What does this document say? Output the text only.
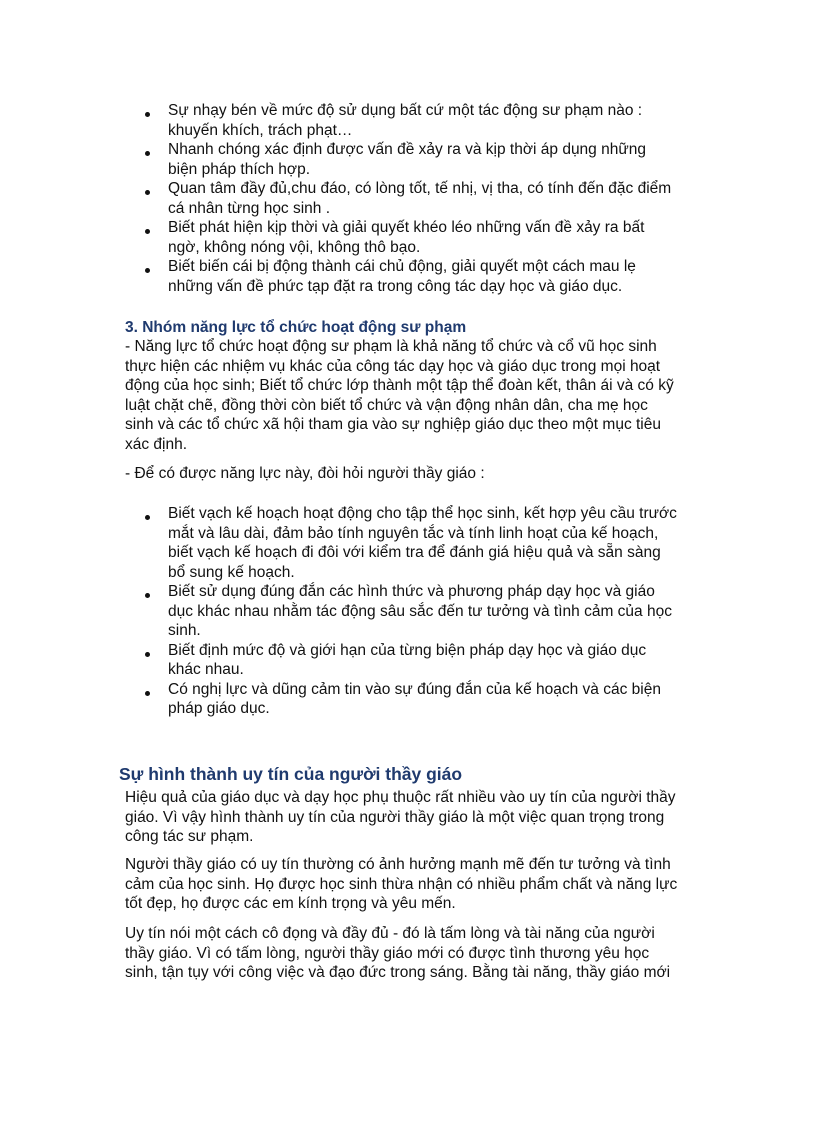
Sự nhạy bén về mức độ sử dụng bất cứ một tác động sư phạm nào :
khuyến khích, trách phạt…
Nhanh chóng xác định được vấn đề xảy ra và kịp thời áp dụng những
biện pháp thích hợp.
Quan tâm đầy đủ,chu đáo, có lòng tốt, tế nhị, vị tha, có tính đến đặc điểm
cá nhân từng học sinh .
Biết phát hiện kịp thời và giải quyết khéo léo những vấn đề xảy ra bất
ngờ, không nóng vội, không thô bạo.
Biết biến cái bị động thành cái chủ động, giải quyết một cách mau lẹ
những vấn đề phức tạp đặt ra trong công tác dạy học và giáo dục.
3. Nhóm năng lực tổ chức hoạt động sư phạm
- Năng lực tổ chức hoạt động sư phạm là khả năng tổ chức và cổ vũ học sinh
thực hiện các nhiệm vụ khác của công tác dạy học và giáo dục trong mọi hoạt
động của học sinh; Biết tổ chức lớp thành một tập thể đoàn kết, thân ái và có kỹ
luật chặt chẽ, đồng thời còn biết tổ chức và vận động nhân dân, cha mẹ học
sinh và các tổ chức xã hội tham gia vào sự nghiệp giáo dục theo một mục tiêu
xác định.
- Để có được năng lực này, đòi hỏi người thầy giáo :
Biết vạch kế hoạch hoạt động cho tập thể học sinh, kết hợp yêu cầu trước
mắt và lâu dài, đảm bảo tính nguyên tắc và tính linh hoạt của kế hoạch,
biết vạch kế hoạch đi đôi với kiểm tra để đánh giá hiệu quả và sẵn sàng
bổ sung kế hoạch.
Biết sử dụng đúng đắn các hình thức và phương pháp dạy học và giáo
dục khác nhau nhằm tác động sâu sắc đến tư tưởng và tình cảm của học
sinh.
Biết định mức độ và giới hạn của từng biện pháp dạy học và giáo dục
khác nhau.
Có nghị lực và dũng cảm tin vào sự đúng đắn của kế hoạch và các biện
pháp giáo dục.
Sự hình thành uy tín của người thầy giáo
Hiệu quả của giáo dục và dạy học phụ thuộc rất nhiều vào uy tín của người thầy
giáo. Vì vậy hình thành uy tín của người thầy giáo là một việc quan trọng trong
công tác sư phạm.
Người thầy giáo có uy tín thường có ảnh hưởng mạnh mẽ đến tư tưởng và tình
cảm của học sinh. Họ được học sinh thừa nhận có nhiều phẩm chất và năng lực
tốt đẹp, họ được các em kính trọng và yêu mến.
Uy tín nói một cách cô đọng và đầy đủ - đó là tấm lòng và tài năng của người
thầy giáo. Vì có tấm lòng, người thầy giáo mới có được tình thương yêu học
sinh, tận tụy với công việc và đạo đức trong sáng. Bằng tài năng, thầy giáo mới
